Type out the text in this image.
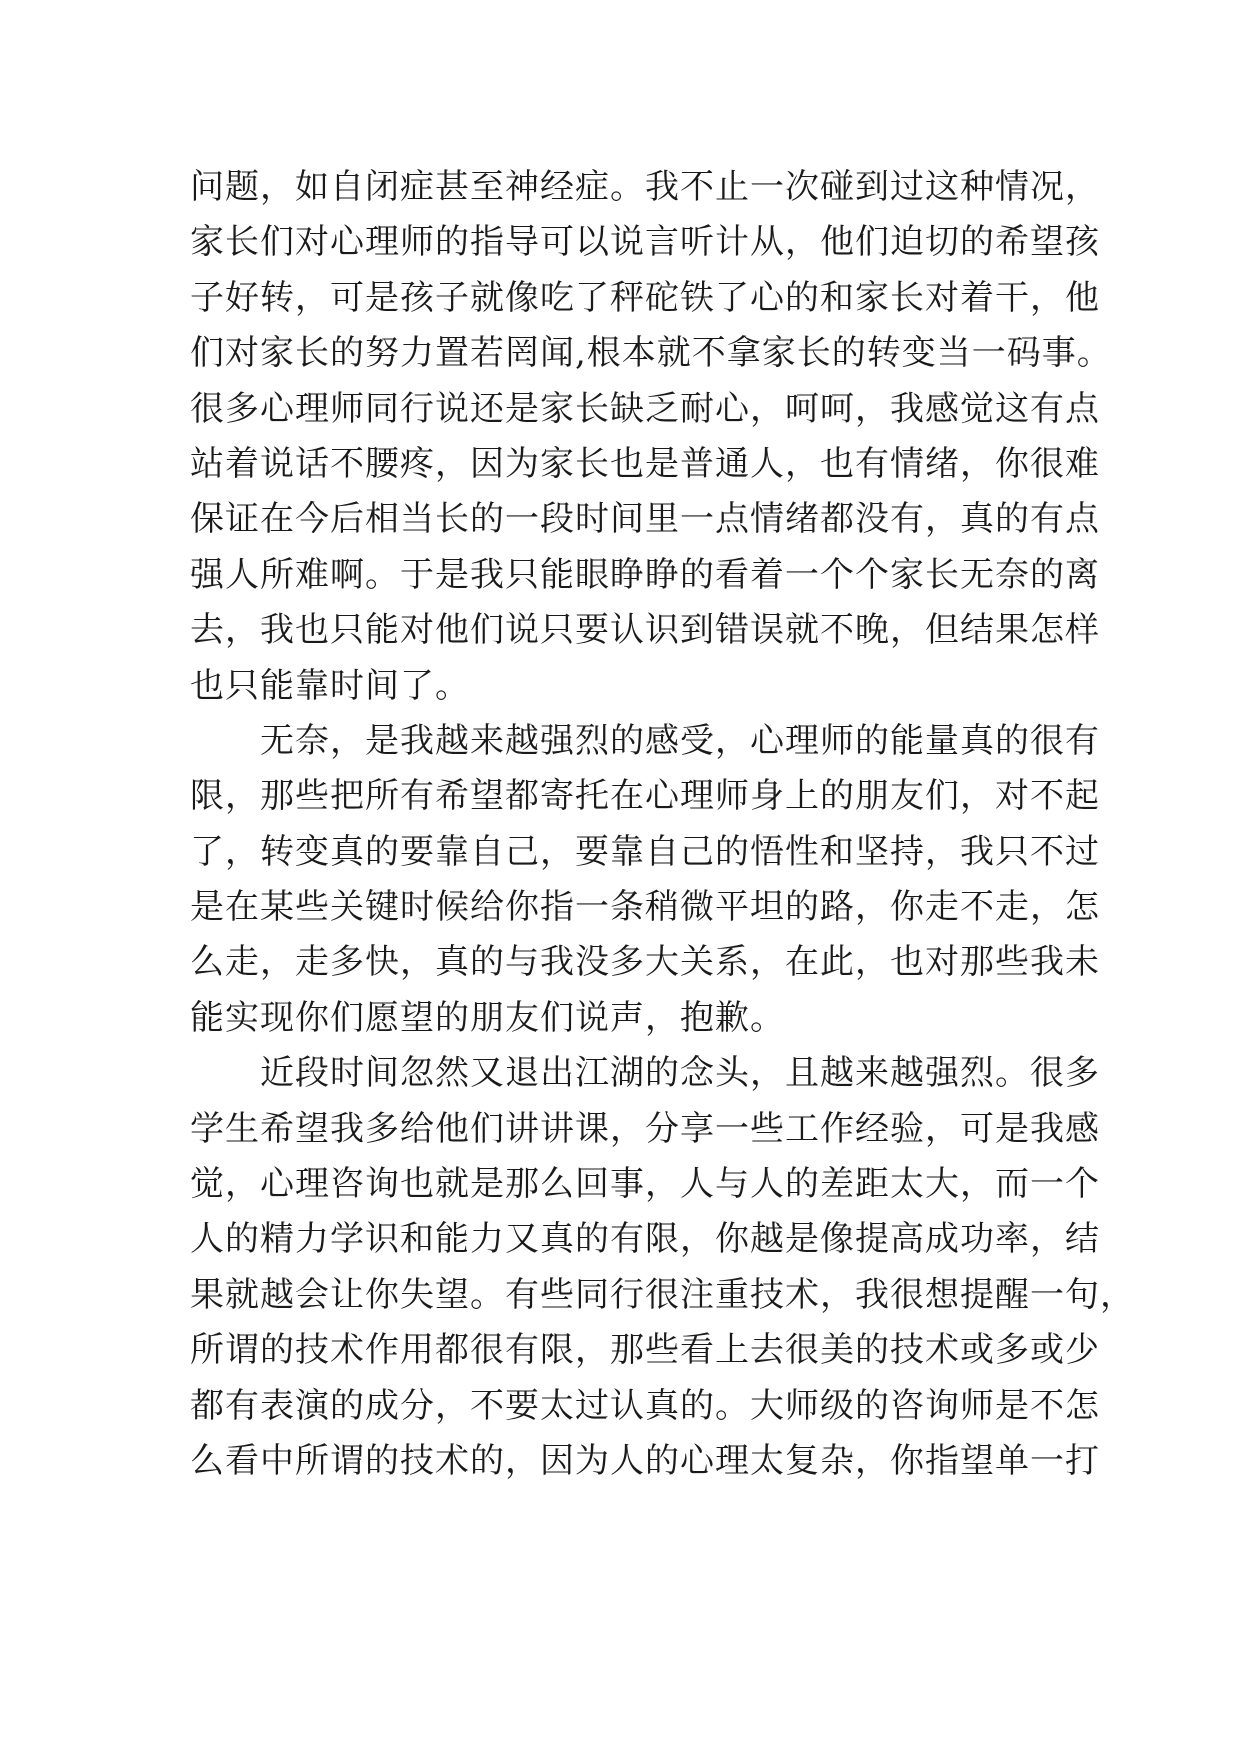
问题，如自闭症甚至神经症。我不止一次碰到过这种情况，
家长们对心理师的指导可以说言听计从，他们迫切的希望孩
子好转，可是孩子就像吃了秤砣铁了心的和家长对着干，他
们对家长的努力置若罔闻,根本就不拿家长的转变当一码事。
很多心理师同行说还是家长缺乏耐心，呵呵，我感觉这有点
站着说话不腰疼，因为家长也是普通人，也有情绪，你很难
保证在今后相当长的一段时间里一点情绪都没有，真的有点
强人所难啊。于是我只能眼睁睁的看着一个个家长无奈的离
去，我也只能对他们说只要认识到错误就不晚，但结果怎样
也只能靠时间了。
无奈，是我越来越强烈的感受，心理师的能量真的很有
限，那些把所有希望都寄托在心理师身上的朋友们，对不起
了，转变真的要靠自己，要靠自己的悟性和坚持，我只不过
是在某些关键时候给你指一条稍微平坦的路，你走不走，怎
么走，走多快，真的与我没多大关系，在此，也对那些我未
能实现你们愿望的朋友们说声，抱歉。
近段时间忽然又退出江湖的念头，且越来越强烈。很多
学生希望我多给他们讲讲课，分享一些工作经验，可是我感
觉，心理咨询也就是那么回事，人与人的差距太大，而一个
人的精力学识和能力又真的有限，你越是像提高成功率，结
果就越会让你失望。有些同行很注重技术，我很想提醒一句，
所谓的技术作用都很有限，那些看上去很美的技术或多或少
都有表演的成分，不要太过认真的。大师级的咨询师是不怎
么看中所谓的技术的，因为人的心理太复杂，你指望单一打
